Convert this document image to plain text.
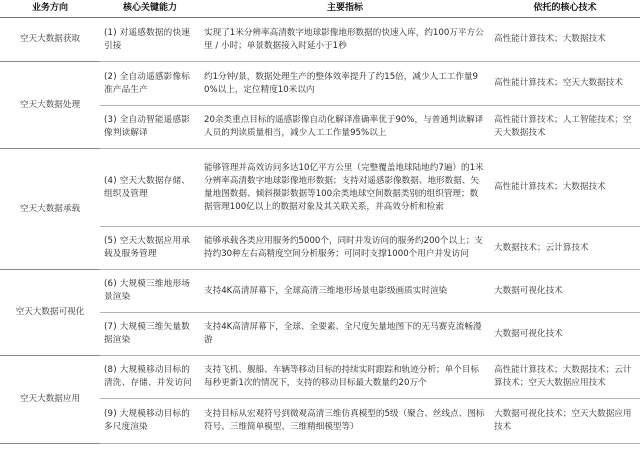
业务方向	核心关键能力	主要指标	依托的核心技术
空天大数据获取	(1) 对遥感数据的快速引接	实现了1米分辨率高清数字地球影像地形数据的快速入库，约100万平方公里 / 小时；单景数据接入时延小于1秒	高性能计算技术；大数据技术
空天大数据处理	(2) 全自动遥感影像标准产品生产	约1分钟/景，数据处理生产的整体效率提升了约15倍，减少人工工作量90%以上，定位精度10米以内	高性能计算技术；空天大数据技术
	(3) 全自动智能遥感影像判读解译	20余类重点目标的遥感影像自动化解译准确率优于90%，与普通判读解译人员的判读质量相当，减少人工工作量95%以上	高性能计算技术；人工智能技术；空天大数据技术
空天大数据承载	(4) 空天大数据存储、组织及管理	能够管理并高效访问多达10亿平方公里（完整覆盖地球陆地约7遍）的1米分辨率高清数字地球影像地形数据；支持对遥感影像数据、地形数据、矢量地图数据、倾斜摄影数据等100余类地球空间数据类别的组织管理；数据管理100亿以上的数据对象及其关联关系，并高效分析和检索	高性能计算技术；大数据技术
	(5) 空天大数据应用承载及服务管理	能够承载各类应用服务约5000个，同时并发访问的服务约200个以上；支持约30种左右高精度空间分析服务；可同时支撑1000个用户并发访问	大数据技术；云计算技术
空天大数据可视化	(6) 大规模三维地形场景渲染	支持4K高清屏幕下，全球高清三维地形场景电影级画质实时渲染	大数据可视化技术
	(7) 大规模三维矢量数据渲染	支持4K高清屏幕下，全球、全要素、全尺度矢量地图下的无马赛克流畅漫游	大数据可视化技术
空天大数据应用	(8) 大规模移动目标的清洗、存储、并发访问	支持飞机、舰船、车辆等移动目标的持续实时跟踪和轨迹分析；单个目标每秒更新1次的情况下，支持的移动目标最大数量约20万个	高性能计算技术；大数据技术；云计算技术；空天大数据应用技术
	(9) 大规模移动目标的多尺度渲染	支持目标从宏观符号到微观高清三维仿真模型的5级（聚合、丝线点、图标符号、三维简单模型、三维精细模型等）	大数据可视化技术；空天大数据应用技术
